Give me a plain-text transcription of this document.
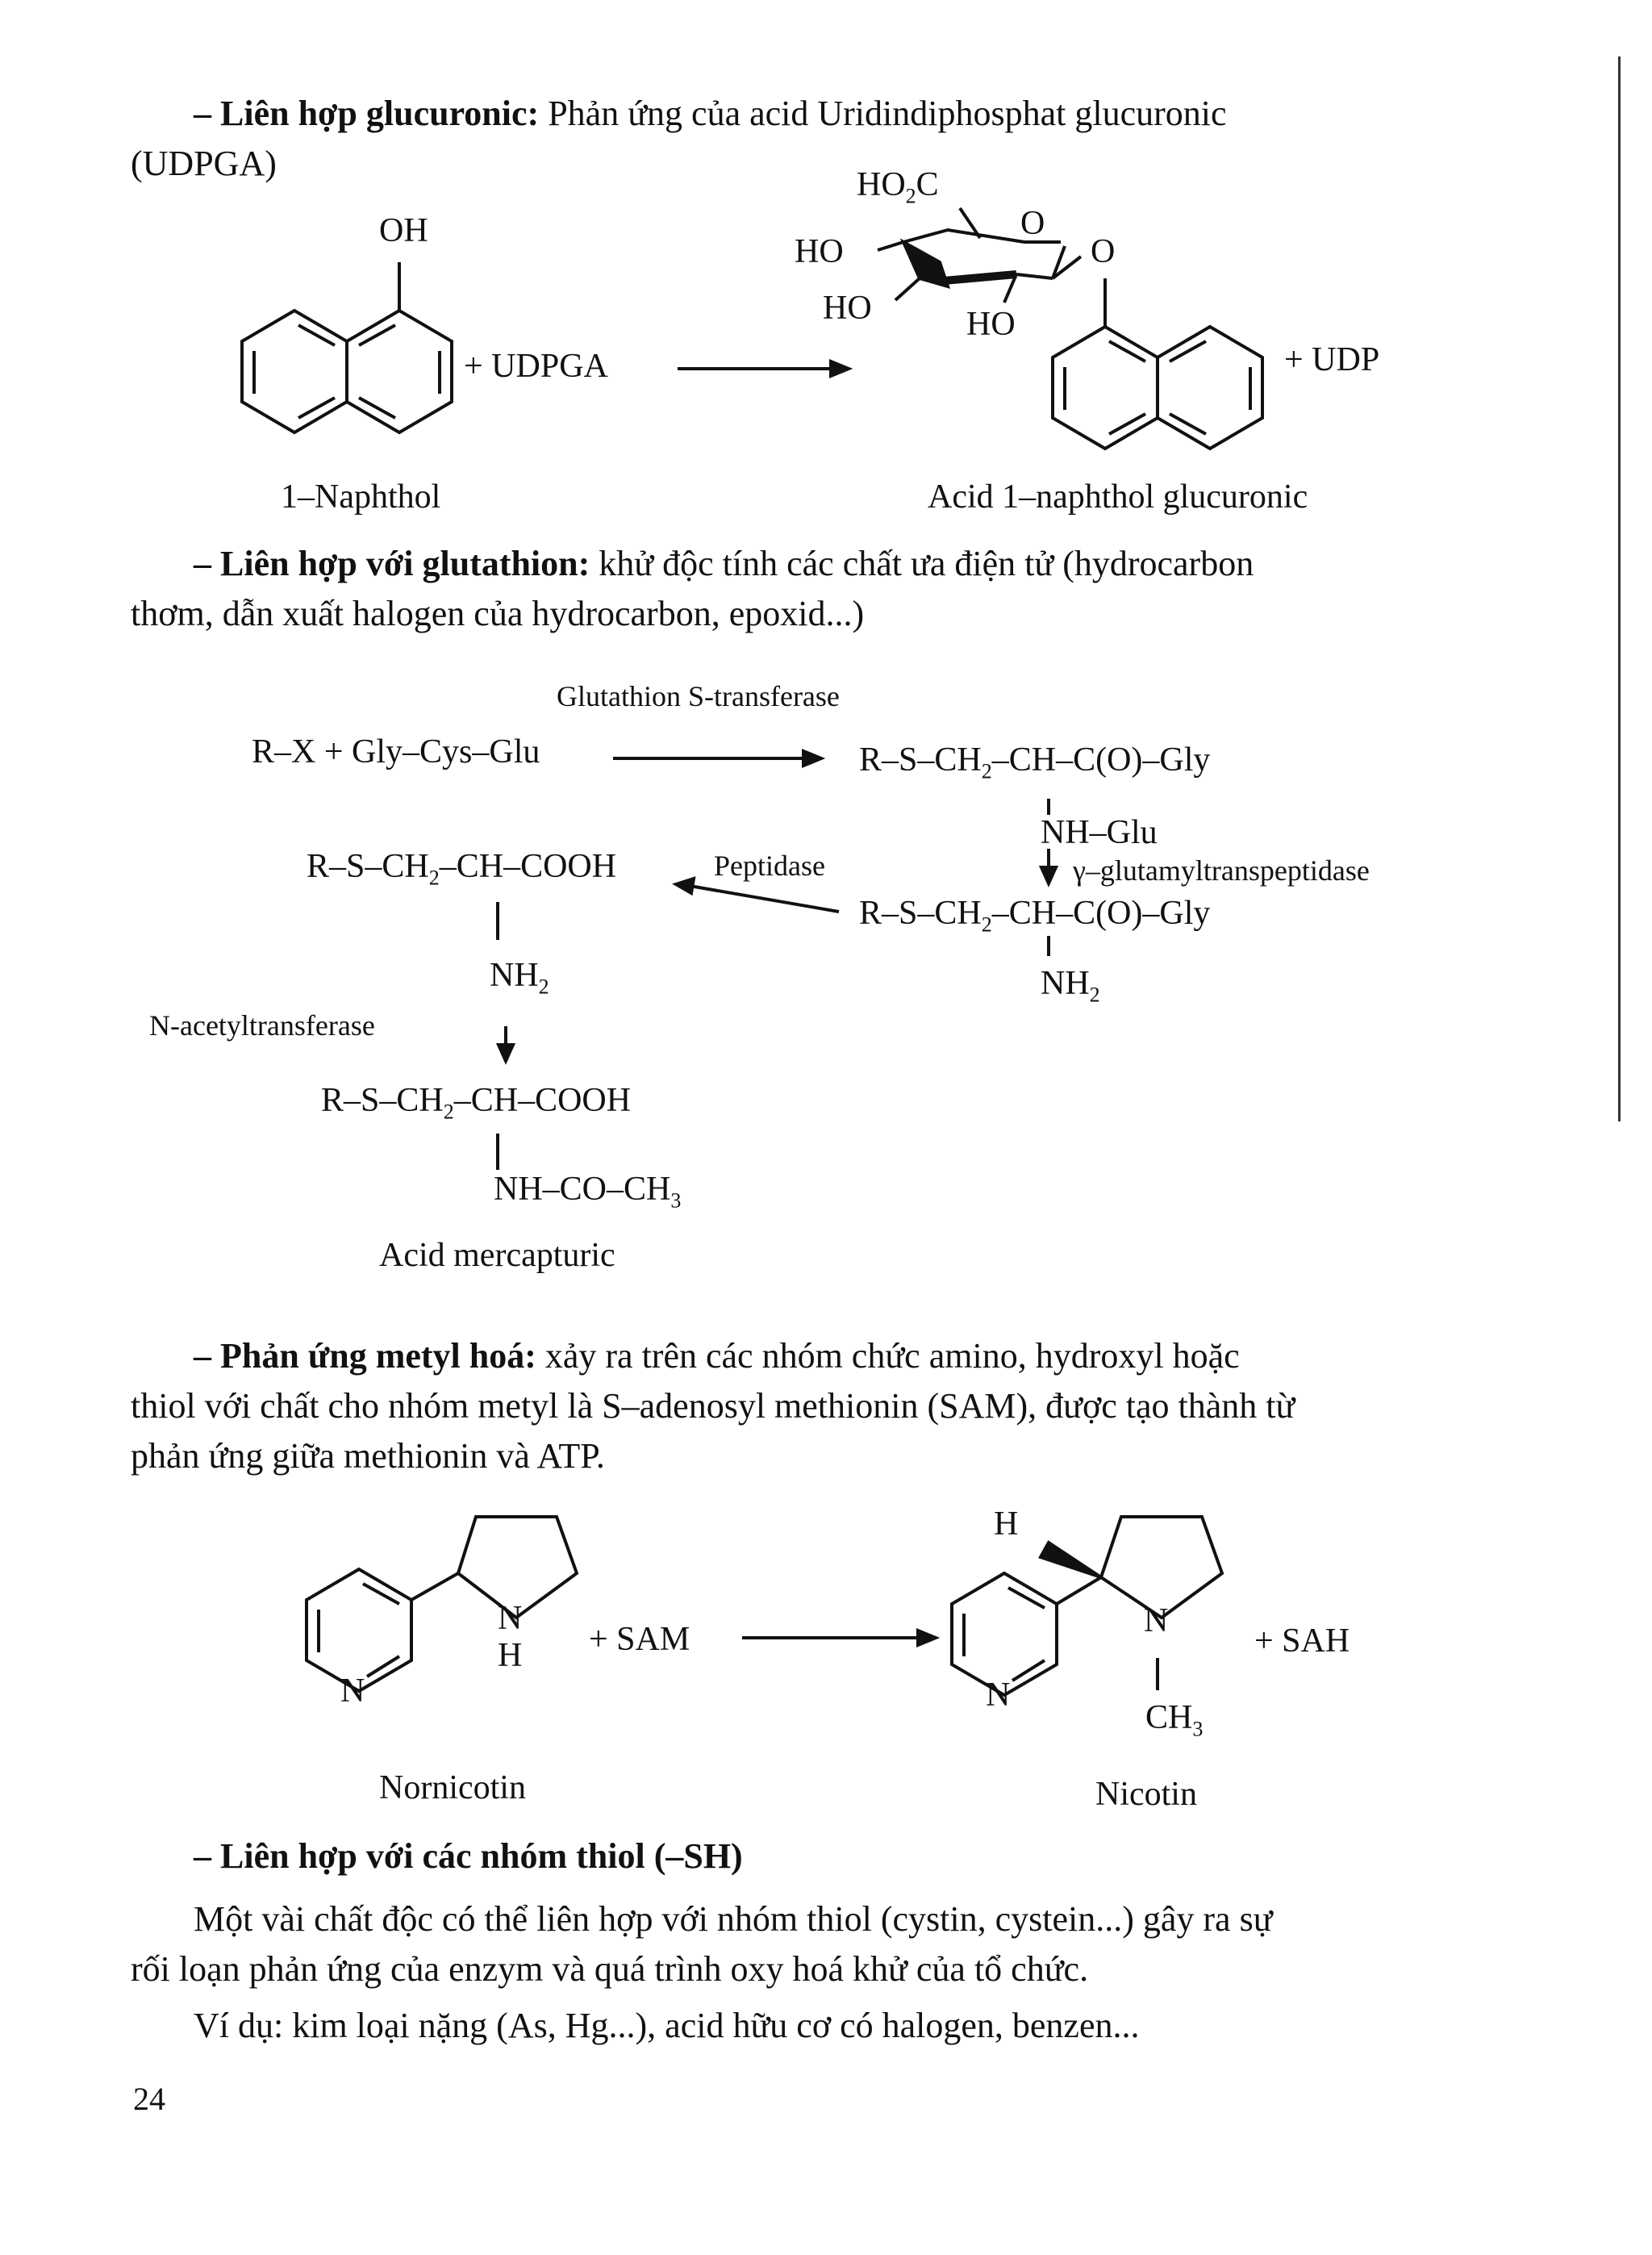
– Liên hợp glucuronic: Phản ứng của acid Uridindiphosphat glucuronic
(UDPGA)
OH
+ UDPGA
$HO_2C$
HO
HO	HO
O
O
+ UDP
1–Naphthol	Acid 1–naphthol glucuronic
– Liên hợp với glutathion: khử độc tính các chất ưa điện tử (hydrocarbon
thơm, dẫn xuất halogen của hydrocarbon, epoxid...)
Glutathion S-transferase
R–X + Gly–Cys–Glu	$R-S-CH_2-CH-C(O)$–Gly
NH–Glu
γ–glutamyltranspeptidase
$R-S-CH_2-CH-C(O)$–Gly
$NH_2$
Peptidase
$R-S-CH_2-CH$–COOH
$NH_2$
N-acetyltransferase
$R-S-CH_2-CH$–COOH
$NH-CO-CH_3$
Acid mercapturic
– Phản ứng metyl hoá: xảy ra trên các nhóm chức amino, hydroxyl hoặc
thiol với chất cho nhóm metyl là S–adenosyl methionin (SAM), được tạo thành từ
phản ứng giữa methionin và ATP.
N
H
N
+ SAM
H
N
N
$CH_3$
+ SAH
Nornicotin	Nicotin
– Liên hợp với các nhóm thiol (–SH)
Một vài chất độc có thể liên hợp với nhóm thiol (cystin, cystein...) gây ra sự
rối loạn phản ứng của enzym và quá trình oxy hoá khử của tổ chức.
Ví dụ: kim loại nặng (As, Hg...), acid hữu cơ có halogen, benzen...
24
